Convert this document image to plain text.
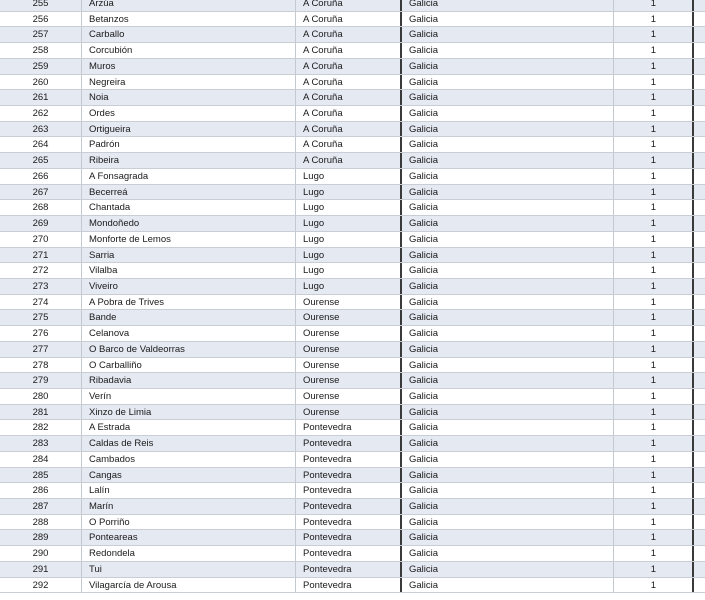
255	Arzúa	A Coruña	Galicia	1
256	Betanzos	A Coruña	Galicia	1
257	Carballo	A Coruña	Galicia	1
258	Corcubión	A Coruña	Galicia	1
259	Muros	A Coruña	Galicia	1
260	Negreira	A Coruña	Galicia	1
261	Noia	A Coruña	Galicia	1
262	Ordes	A Coruña	Galicia	1
263	Ortigueira	A Coruña	Galicia	1
264	Padrón	A Coruña	Galicia	1
265	Ribeira	A Coruña	Galicia	1
266	A Fonsagrada	Lugo	Galicia	1
267	Becerreá	Lugo	Galicia	1
268	Chantada	Lugo	Galicia	1
269	Mondoñedo	Lugo	Galicia	1
270	Monforte de Lemos	Lugo	Galicia	1
271	Sarria	Lugo	Galicia	1
272	Vilalba	Lugo	Galicia	1
273	Viveiro	Lugo	Galicia	1
274	A Pobra de Trives	Ourense	Galicia	1
275	Bande	Ourense	Galicia	1
276	Celanova	Ourense	Galicia	1
277	O Barco de Valdeorras	Ourense	Galicia	1
278	O Carballiño	Ourense	Galicia	1
279	Ribadavia	Ourense	Galicia	1
280	Verín	Ourense	Galicia	1
281	Xinzo de Limia	Ourense	Galicia	1
282	A Estrada	Pontevedra	Galicia	1
283	Caldas de Reis	Pontevedra	Galicia	1
284	Cambados	Pontevedra	Galicia	1
285	Cangas	Pontevedra	Galicia	1
286	Lalín	Pontevedra	Galicia	1
287	Marín	Pontevedra	Galicia	1
288	O Porriño	Pontevedra	Galicia	1
289	Ponteareas	Pontevedra	Galicia	1
290	Redondela	Pontevedra	Galicia	1
291	Tui	Pontevedra	Galicia	1
292	Vilagarcía de Arousa	Pontevedra	Galicia	1
